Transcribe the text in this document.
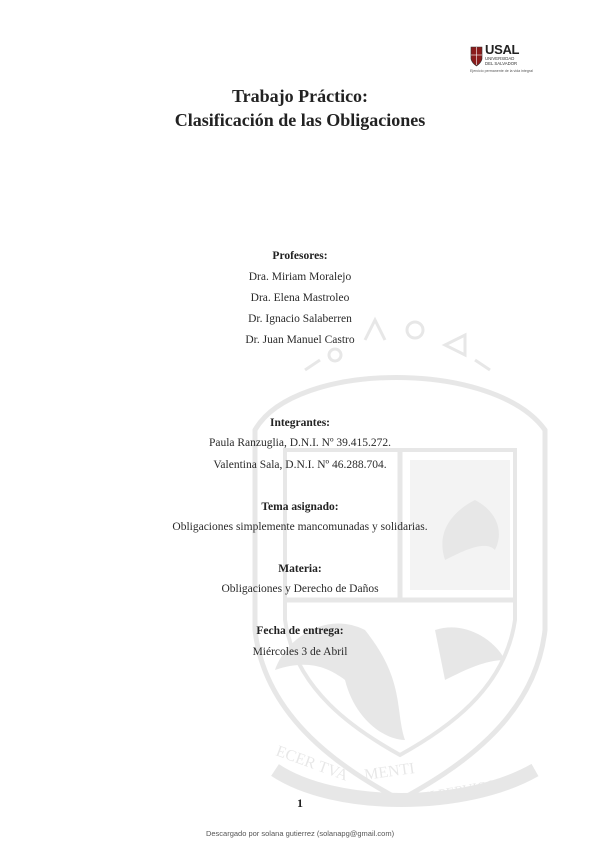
ECER TVA MENTI
LVCI PERVIOS
USAL
UNIVERSIDAD
DEL SALVADOR
Ejercicio permanente de la vida integral
Trabajo Práctico:
Clasificación de las Obligaciones
Profesores:
Dra. Miriam Moralejo
Dra. Elena Mastroleo
Dr. Ignacio Salaberren
Dr. Juan Manuel Castro
Integrantes:
Paula Ranzuglia, D.N.I. Nº 39.415.272.
Valentina Sala, D.N.I. Nº 46.288.704.
Tema asignado:
Obligaciones simplemente mancomunadas y solidarias.
Materia:
Obligaciones y Derecho de Daños
Fecha de entrega:
Miércoles 3 de Abril
1
Descargado por solana gutierrez (solanapg@gmail.com)
